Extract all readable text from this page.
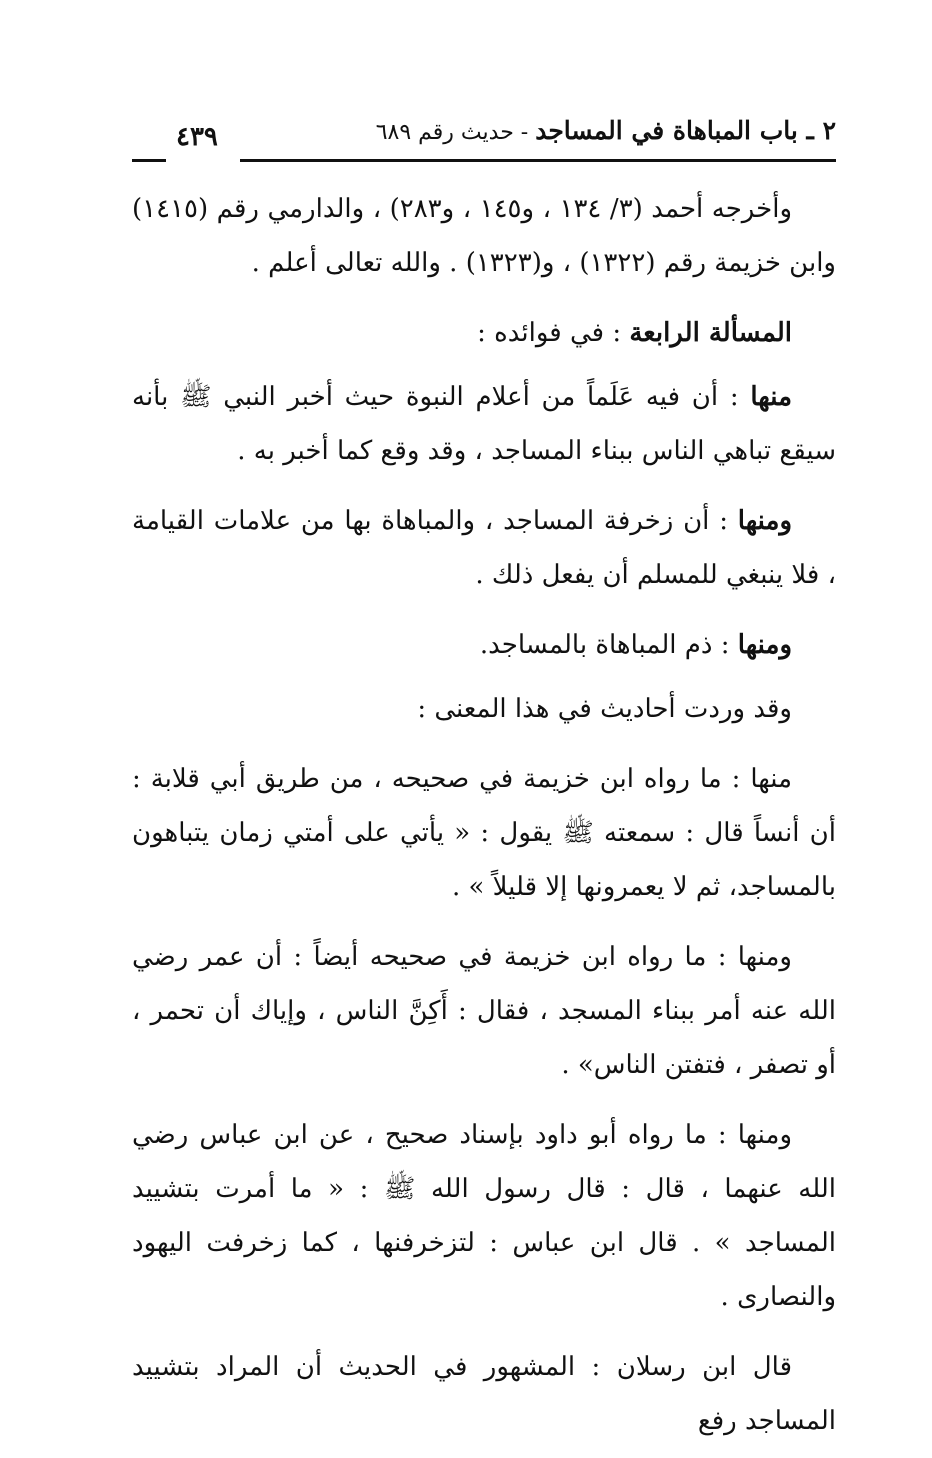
٢ ـ باب المباهاة في المساجد - حديث رقم ٦٨٩
٤٣٩

وأخرجه أحمد (٣/ ١٣٤ ، و١٤٥ ، و٢٨٣) ، والدارمي رقم (١٤١٥) وابن خزيمة رقم (١٣٢٢) ، و(١٣٢٣) . والله تعالى أعلم .

المسألة الرابعة : في فوائده :

منها : أن فيه عَلَماً من أعلام النبوة حيث أخبر النبي ﷺ بأنه سيقع تباهي الناس ببناء المساجد ، وقد وقع كما أخبر به .

ومنها : أن زخرفة المساجد ، والمباهاة بها من علامات القيامة ، فلا ينبغي للمسلم أن يفعل ذلك .

ومنها : ذم المباهاة بالمساجد.

وقد وردت أحاديث في هذا المعنى :

منها : ما رواه ابن خزيمة في صحيحه ، من طريق أبي قلابة : أن أنساً قال : سمعته ﷺ يقول : « يأتي على أمتي زمان يتباهون بالمساجد، ثم لا يعمرونها إلا قليلاً » .

ومنها : ما رواه ابن خزيمة في صحيحه أيضاً : أن عمر رضي الله عنه أمر ببناء المسجد ، فقال : أَكِنَّ الناس ، وإياك أن تحمر ، أو تصفر ، فتفتن الناس» .

ومنها : ما رواه أبو داود بإسناد صحيح ، عن ابن عباس رضي الله عنهما ، قال : قال رسول الله ﷺ : « ما أمرت بتشييد المساجد » . قال ابن عباس : لتزخرفنها ، كما زخرفت اليهود والنصارى .

قال ابن رسلان : المشهور في الحديث أن المراد بتشييد المساجد رفع
